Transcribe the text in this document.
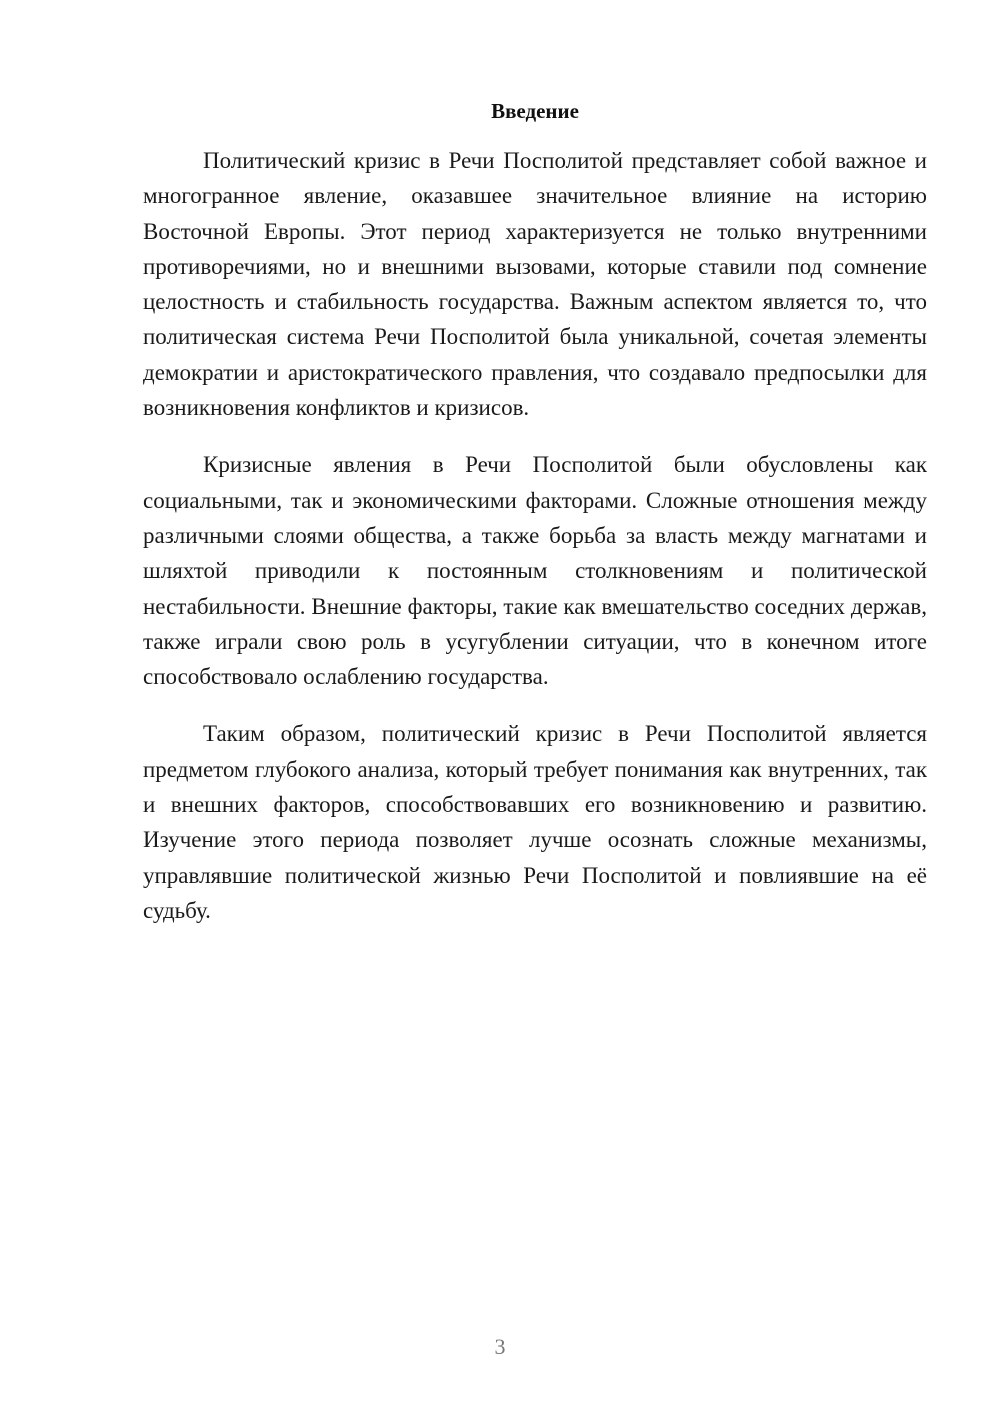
Введение

Политический кризис в Речи Посполитой представляет собой важное и многогранное явление, оказавшее значительное влияние на историю Восточной Европы. Этот период характеризуется не только внутренними противоречиями, но и внешними вызовами, которые ставили под сомнение целостность и стабильность государства. Важным аспектом является то, что политическая система Речи Посполитой была уникальной, сочетая элементы демократии и аристократического правления, что создавало предпосылки для возникновения конфликтов и кризисов.

Кризисные явления в Речи Посполитой были обусловлены как социальными, так и экономическими факторами. Сложные отношения между различными слоями общества, а также борьба за власть между магнатами и шляхтой приводили к постоянным столкновениям и политической нестабильности. Внешние факторы, такие как вмешательство соседних держав, также играли свою роль в усугублении ситуации, что в конечном итоге способствовало ослаблению государства.

Таким образом, политический кризис в Речи Посполитой является предметом глубокого анализа, который требует понимания как внутренних, так и внешних факторов, способствовавших его возникновению и развитию. Изучение этого периода позволяет лучше осознать сложные механизмы, управлявшие политической жизнью Речи Посполитой и повлиявшие на её судьбу.

3
